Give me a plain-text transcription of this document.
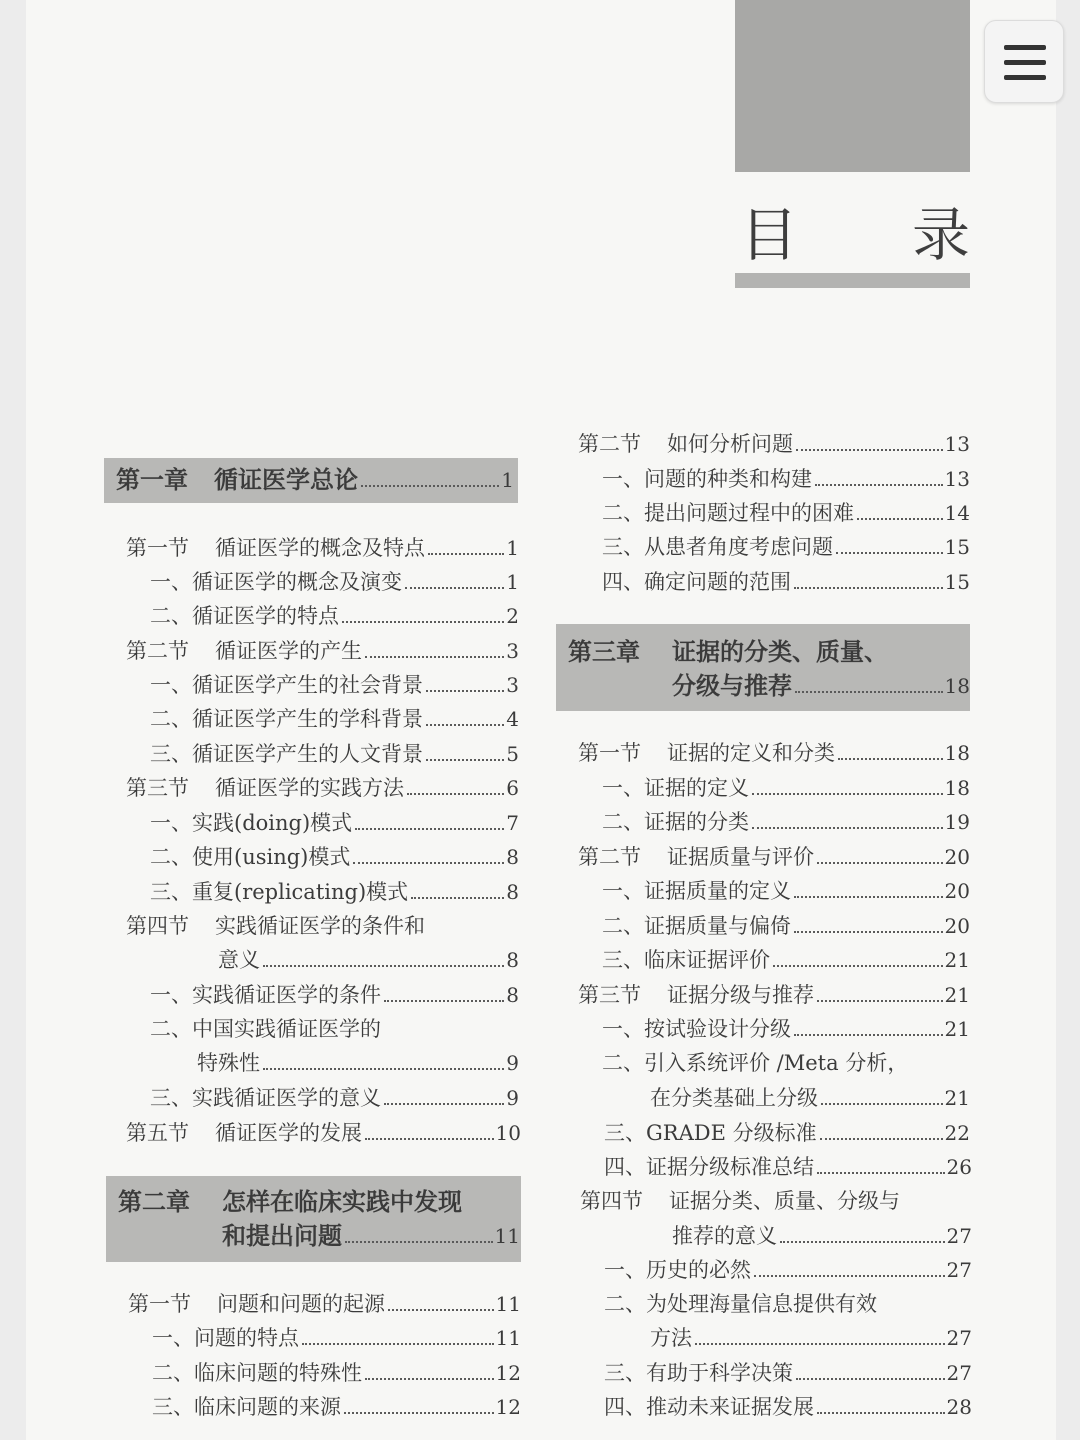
目 录
第一章 循证医学总论	1
第一节 循证医学的概念及特点	1
一、循证医学的概念及演变	1
二、循证医学的特点	2
第二节 循证医学的产生	3
一、循证医学产生的社会背景	3
二、循证医学产生的学科背景	4
三、循证医学产生的人文背景	5
第三节 循证医学的实践方法	6
一、实践(doing)模式	7
二、使用(using)模式	8
三、重复(replicating)模式	8
第四节 实践循证医学的条件和
意义	8
一、实践循证医学的条件	8
二、中国实践循证医学的
特殊性	9
三、实践循证医学的意义	9
第五节 循证医学的发展	10
第二章 怎样在临床实践中发现
和提出问题	11
第一节 问题和问题的起源	11
一、问题的特点	11
二、临床问题的特殊性	12
三、临床问题的来源	12
第二节 如何分析问题	13
一、问题的种类和构建	13
二、提出问题过程中的困难	14
三、从患者角度考虑问题	15
四、确定问题的范围	15
第三章 证据的分类、质量、
分级与推荐	18
第一节 证据的定义和分类	18
一、证据的定义	18
二、证据的分类	19
第二节 证据质量与评价	20
一、证据质量的定义	20
二、证据质量与偏倚	20
三、临床证据评价	21
第三节 证据分级与推荐	21
一、按试验设计分级	21
二、引入系统评价 /Meta 分析，
在分类基础上分级	21
三、GRADE 分级标准	22
四、证据分级标准总结	26
第四节 证据分类、质量、分级与
推荐的意义	27
一、历史的必然	27
二、为处理海量信息提供有效
方法	27
三、有助于科学决策	27
四、推动未来证据发展	28
